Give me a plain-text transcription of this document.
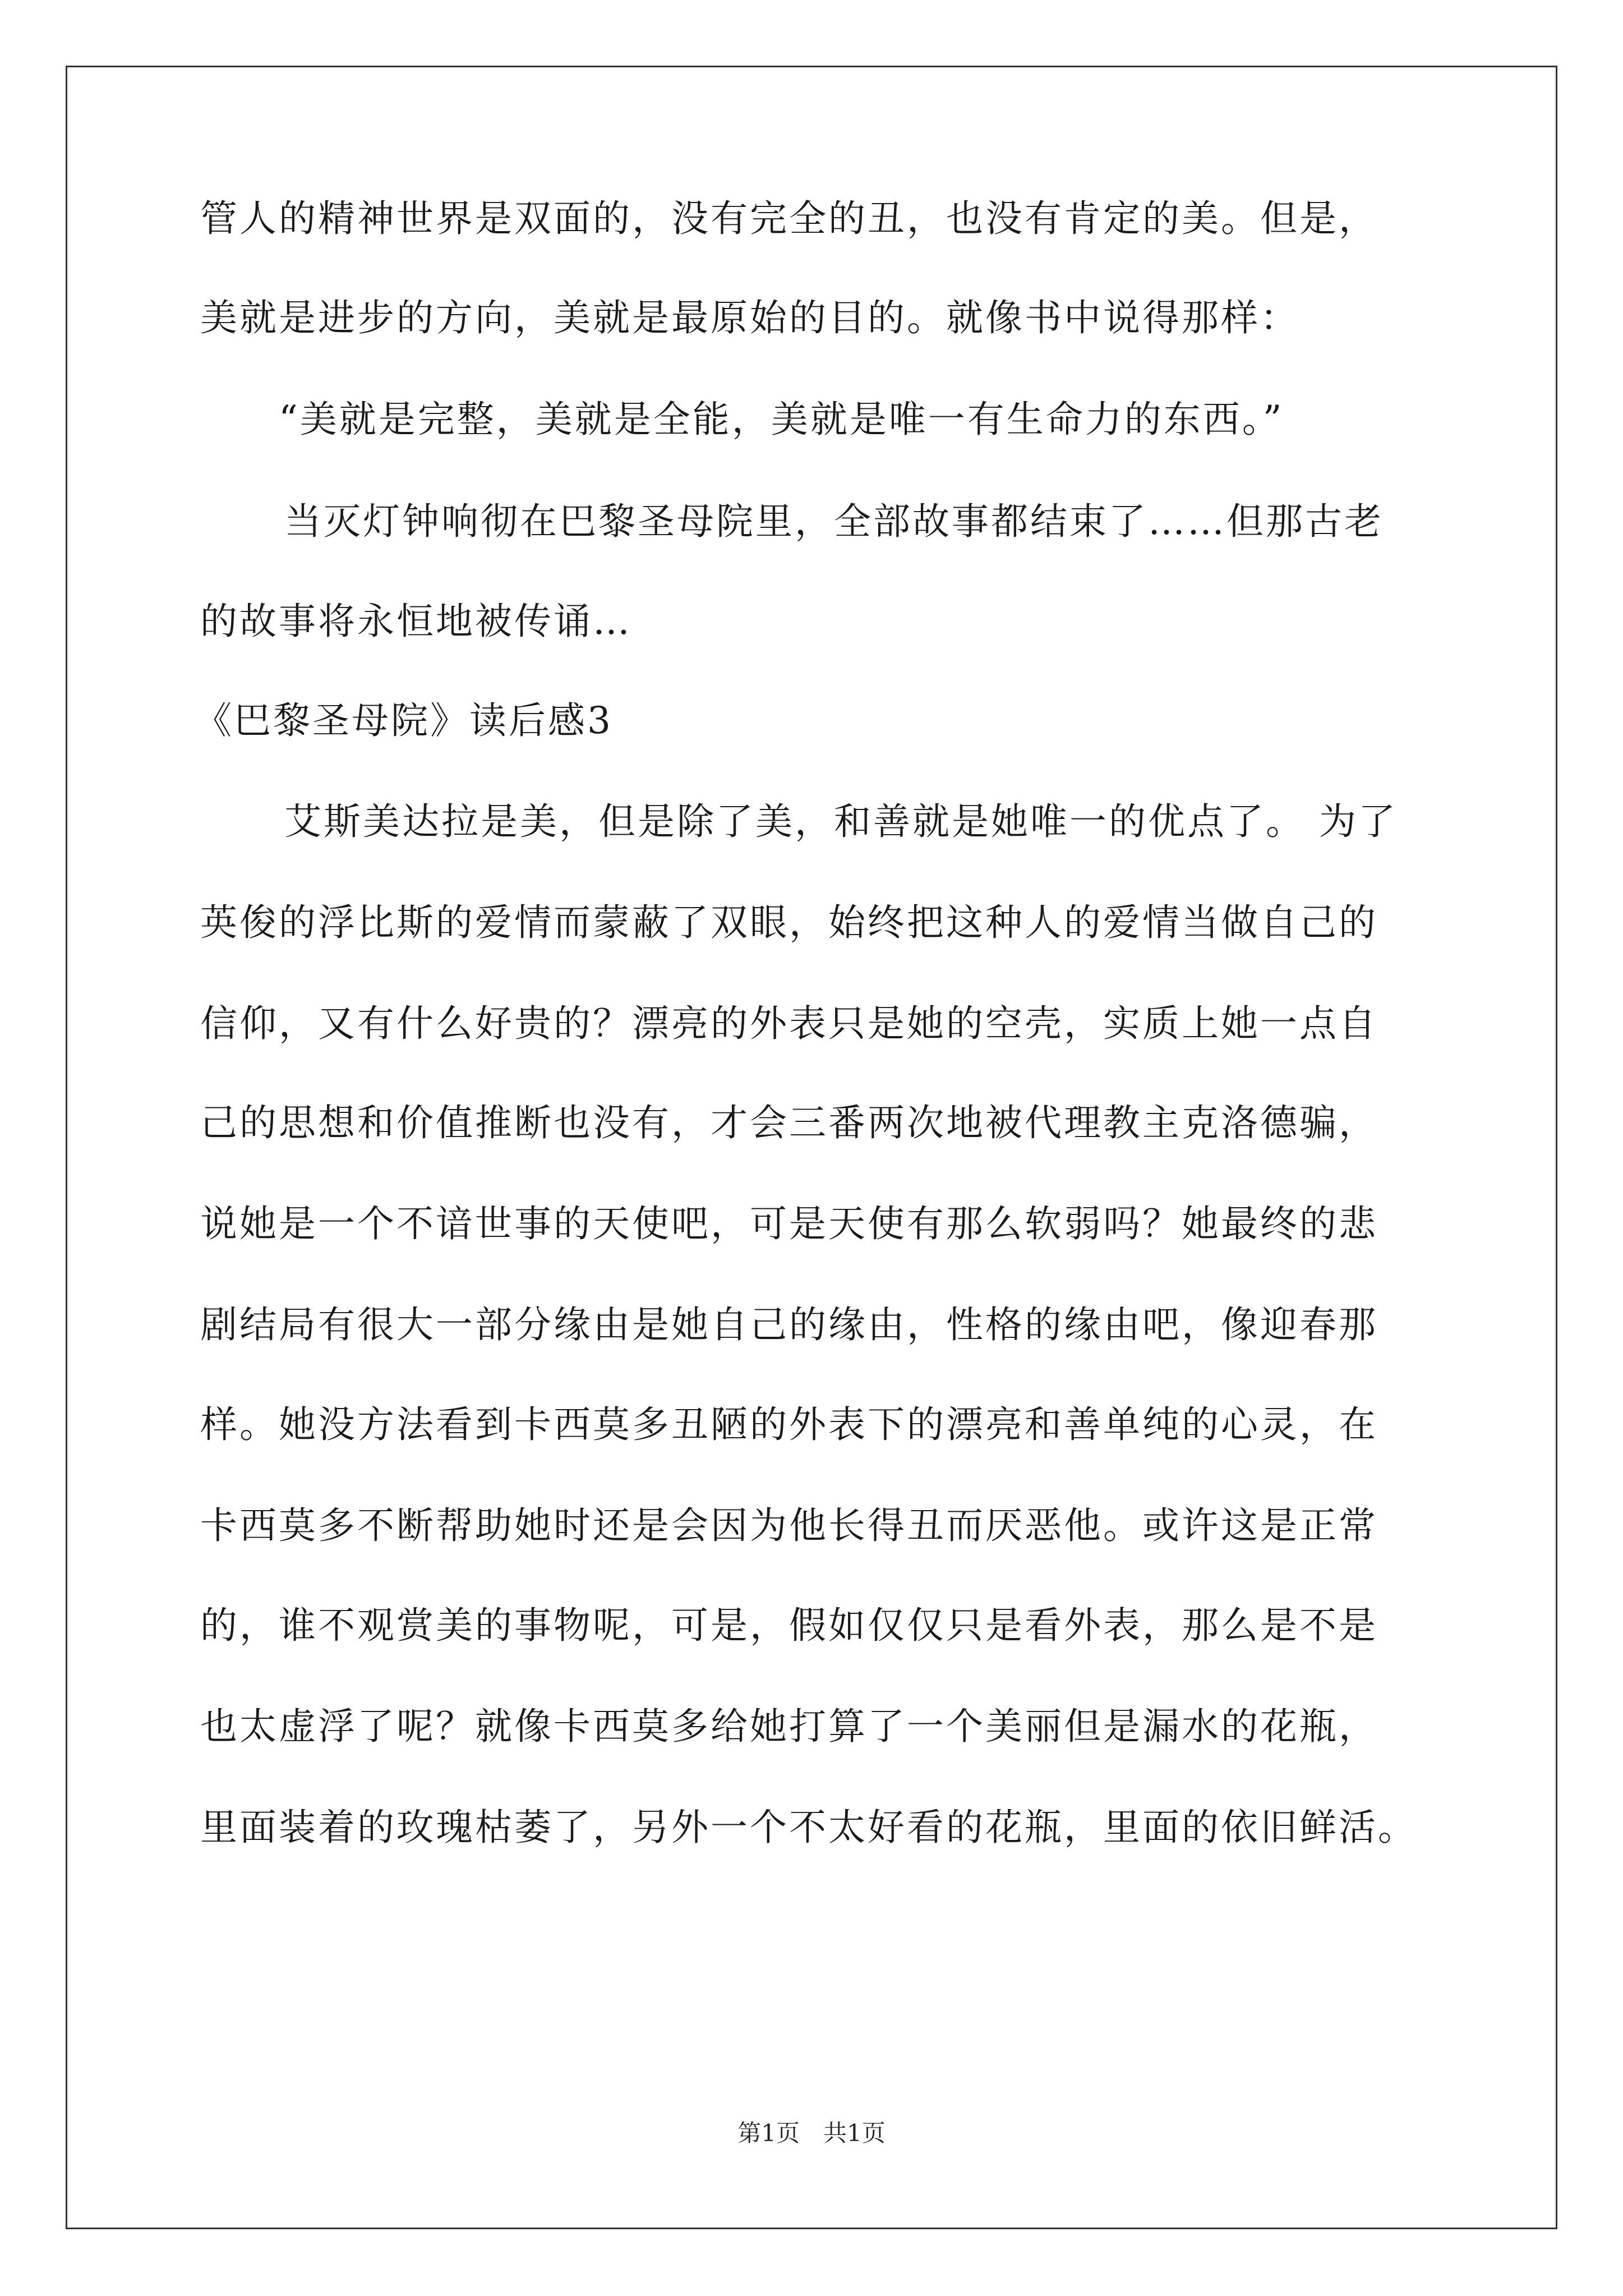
管人的精神世界是双面的，没有完全的丑，也没有肯定的美。但是，
美就是进步的方向，美就是最原始的目的。就像书中说得那样：
“美就是完整，美就是全能，美就是唯一有生命力的东西。”
当灭灯钟响彻在巴黎圣母院里，全部故事都结束了……但那古老
的故事将永恒地被传诵…
《巴黎圣母院》读后感3
艾斯美达拉是美，但是除了美，和善就是她唯一的优点了。 为了
英俊的浮比斯的爱情而蒙蔽了双眼，始终把这种人的爱情当做自己的
信仰，又有什么好贵的？漂亮的外表只是她的空壳，实质上她一点自
己的思想和价值推断也没有，才会三番两次地被代理教主克洛德骗，
说她是一个不谙世事的天使吧，可是天使有那么软弱吗？她最终的悲
剧结局有很大一部分缘由是她自己的缘由，性格的缘由吧，像迎春那
样。她没方法看到卡西莫多丑陋的外表下的漂亮和善单纯的心灵，在
卡西莫多不断帮助她时还是会因为他长得丑而厌恶他。或许这是正常
的，谁不观赏美的事物呢，可是，假如仅仅只是看外表，那么是不是
也太虚浮了呢？就像卡西莫多给她打算了一个美丽但是漏水的花瓶，
里面装着的玫瑰枯萎了，另外一个不太好看的花瓶，里面的依旧鲜活。
第1页　共1页
